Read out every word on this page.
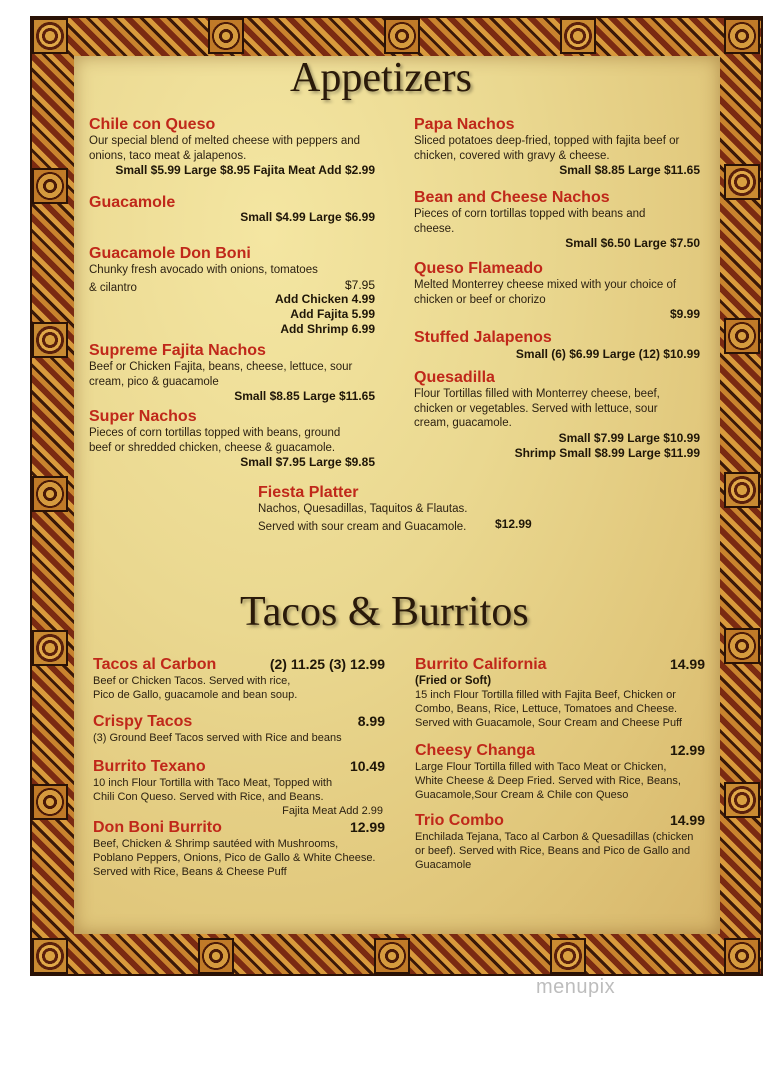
Appetizers
Tacos & Burritos
Chile con Queso
Our special blend of melted cheese with peppers and
onions, taco meat & jalapenos.
Small $5.99 Large $8.95 Fajita Meat Add $2.99
Guacamole
Small $4.99 Large $6.99
Guacamole Don Boni
Chunky fresh avocado with onions, tomatoes
& cilantro	$7.95
Add Chicken 4.99
Add Fajita 5.99
Add Shrimp 6.99
Supreme Fajita Nachos
Beef or Chicken Fajita, beans, cheese, lettuce, sour
cream, pico & guacamole
Small $8.85 Large $11.65
Super Nachos
Pieces of corn tortillas topped with beans, ground
beef or shredded chicken, cheese & guacamole.
Small $7.95 Large $9.85
Papa Nachos
Sliced potatoes deep-fried, topped with fajita beef or
chicken, covered with gravy & cheese.
Small $8.85 Large $11.65
Bean and Cheese Nachos
Pieces of corn tortillas topped with beans and
cheese.
Small $6.50 Large $7.50
Queso Flameado
Melted Monterrey cheese mixed with your choice of
chicken or beef or chorizo
$9.99
Stuffed Jalapenos
Small (6) $6.99 Large (12) $10.99
Quesadilla
Flour Tortillas filled with Monterrey cheese, beef,
chicken or vegetables. Served with lettuce, sour
cream, guacamole.
Small $7.99 Large $10.99
Shrimp Small $8.99 Large $11.99
Fiesta Platter
Nachos, Quesadillas, Taquitos & Flautas.
Served with sour cream and Guacamole. $12.99
Tacos al Carbon	(2) 11.25 (3) 12.99
Beef or Chicken Tacos. Served with rice,
Pico de Gallo, guacamole and bean soup.
Crispy Tacos	8.99
(3) Ground Beef Tacos served with Rice and beans
Burrito Texano	10.49
10 inch Flour Tortilla with Taco Meat, Topped with
Chili Con Queso. Served with Rice, and Beans.
Fajita Meat Add 2.99
Don Boni Burrito	12.99
Beef, Chicken & Shrimp sautéed with Mushrooms,
Poblano Peppers, Onions, Pico de Gallo & White Cheese.
Served with Rice, Beans & Cheese Puff
Burrito California	14.99
(Fried or Soft)
15 inch Flour Tortilla filled with Fajita Beef, Chicken or
Combo, Beans, Rice, Lettuce, Tomatoes and Cheese.
Served with Guacamole, Sour Cream and Cheese Puff
Cheesy Changa	12.99
Large Flour Tortilla filled with Taco Meat or Chicken,
White Cheese & Deep Fried. Served with Rice, Beans,
Guacamole,Sour Cream & Chile con Queso
Trio Combo	14.99
Enchilada Tejana, Taco al Carbon & Quesadillas (chicken
or beef). Served with Rice, Beans and Pico de Gallo and
Guacamole
menupix
